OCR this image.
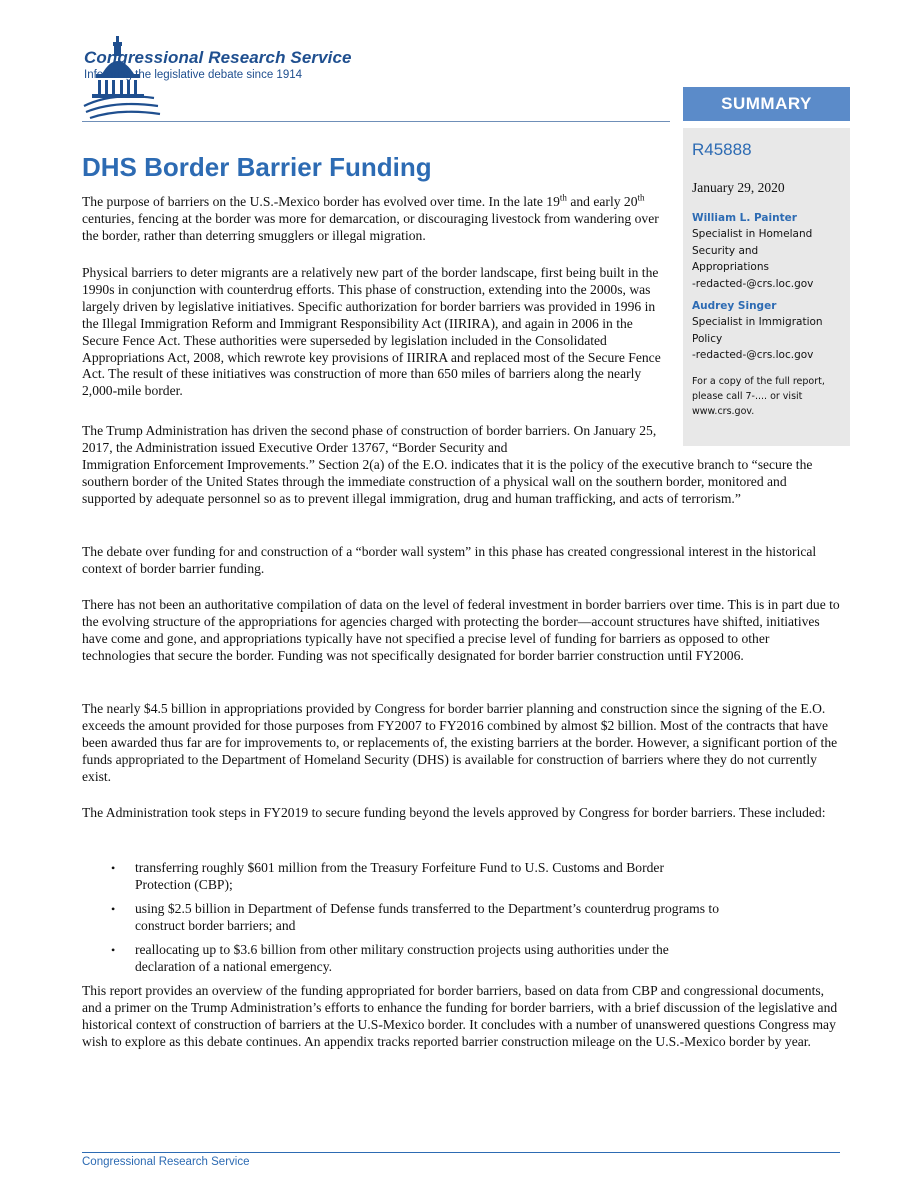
Congressional Research Service
Informing the legislative debate since 1914
SUMMARY
R45888
January 29, 2020
William L. Painter
Specialist in Homeland
Security and
Appropriations
-redacted-@crs.loc.gov
Audrey Singer
Specialist in Immigration
Policy
-redacted-@crs.loc.gov
For a copy of the full report,
please call 7-.... or visit
www.crs.gov.
DHS Border Barrier Funding

The purpose of barriers on the U.S.-Mexico border has evolved over time. In the late 19th and early 20th centuries, fencing at the border was more for demarcation, or discouraging livestock from wandering over the border, rather than deterring smugglers or illegal migration.

Physical barriers to deter migrants are a relatively new part of the border landscape, first being built in the 1990s in conjunction with counterdrug efforts. This phase of construction, extending into the 2000s, was largely driven by legislative initiatives. Specific authorization for border barriers was provided in 1996 in the Illegal Immigration Reform and Immigrant Responsibility Act (IIRIRA), and again in 2006 in the Secure Fence Act. These authorities were superseded by legislation included in the Consolidated Appropriations Act, 2008, which rewrote key provisions of IIRIRA and replaced most of the Secure Fence Act. The result of these initiatives was construction of more than 650 miles of barriers along the nearly 2,000-mile border.

The Trump Administration has driven the second phase of construction of border barriers. On January 25, 2017, the Administration issued Executive Order 13767, “Border Security and

Immigration Enforcement Improvements.” Section 2(a) of the E.O. indicates that it is the policy of the executive branch to “secure the southern border of the United States through the immediate construction of a physical wall on the southern border, monitored and supported by adequate personnel so as to prevent illegal immigration, drug and human trafficking, and acts of terrorism.”

The debate over funding for and construction of a “border wall system” in this phase has created congressional interest in the historical context of border barrier funding.

There has not been an authoritative compilation of data on the level of federal investment in border barriers over time. This is in part due to the evolving structure of the appropriations for agencies charged with protecting the border—account structures have shifted, initiatives have come and gone, and appropriations typically have not specified a precise level of funding for barriers as opposed to other technologies that secure the border. Funding was not specifically designated for border barrier construction until FY2006.

The nearly $4.5 billion in appropriations provided by Congress for border barrier planning and construction since the signing of the E.O. exceeds the amount provided for those purposes from FY2007 to FY2016 combined by almost $2 billion. Most of the contracts that have been awarded thus far are for improvements to, or replacements of, the existing barriers at the border. However, a significant portion of the funds appropriated to the Department of Homeland Security (DHS) is available for construction of barriers where they do not currently exist.

The Administration took steps in FY2019 to secure funding beyond the levels approved by Congress for border barriers. These included:

• transferring roughly $601 million from the Treasury Forfeiture Fund to U.S. Customs and Border
Protection (CBP);
• using $2.5 billion in Department of Defense funds transferred to the Department’s counterdrug programs to
construct border barriers; and
• reallocating up to $3.6 billion from other military construction projects using authorities under the
declaration of a national emergency.

This report provides an overview of the funding appropriated for border barriers, based on data from CBP and congressional documents, and a primer on the Trump Administration’s efforts to enhance the funding for border barriers, with a brief discussion of the legislative and historical context of construction of barriers at the U.S-Mexico border. It concludes with a number of unanswered questions Congress may wish to explore as this debate continues. An appendix tracks reported barrier construction mileage on the U.S.-Mexico border by year.

Congressional Research Service
